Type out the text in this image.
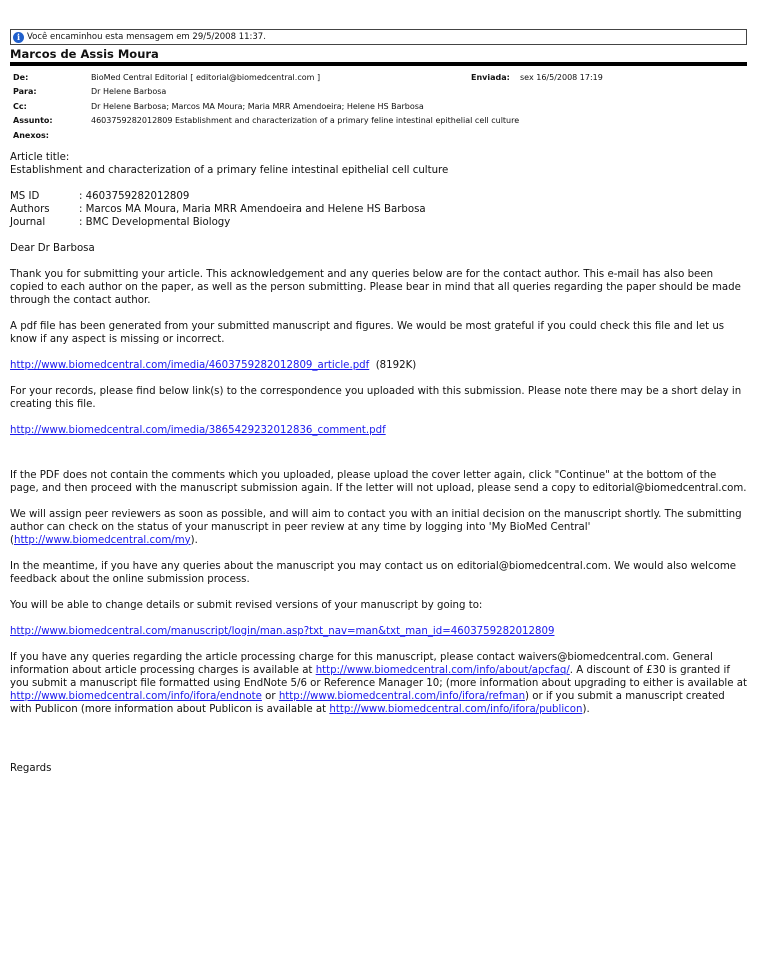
i Você encaminhou esta mensagem em 29/5/2008 11:37.
Marcos de Assis Moura
De:	BioMed Central Editorial [ editorial@biomedcentral.com ]	Enviada:	sex 16/5/2008 17:19
Para:	Dr Helene Barbosa
Cc:	Dr Helene Barbosa; Marcos MA Moura; Maria MRR Amendoeira; Helene HS Barbosa
Assunto:	4603759282012809 Establishment and characterization of a primary feline intestinal epithelial cell culture
Anexos:

Article title:

Establishment and characterization of a primary feline intestinal epithelial cell culture

MS ID	: 4603759282012809
Authors	: Marcos MA Moura, Maria MRR Amendoeira and Helene HS Barbosa
Journal	: BMC Developmental Biology

Dear Dr Barbosa

Thank you for submitting your article. This acknowledgement and any queries below are for the contact author. This e-mail has also been copied to each author on the paper, as well as the person submitting. Please bear in mind that all queries regarding the paper should be made through the contact author.

A pdf file has been generated from your submitted manuscript and figures. We would be most grateful if you could check this file and let us know if any aspect is missing or incorrect.

http://www.biomedcentral.com/imedia/4603759282012809_article.pdf (8192K)

For your records, please find below link(s) to the correspondence you uploaded with this submission. Please note there may be a short delay in creating this file.

http://www.biomedcentral.com/imedia/3865429232012836_comment.pdf

If the PDF does not contain the comments which you uploaded, please upload the cover letter again, click "Continue" at the bottom of the page, and then proceed with the manuscript submission again. If the letter will not upload, please send a copy to editorial@biomedcentral.com.

We will assign peer reviewers as soon as possible, and will aim to contact you with an initial decision on the manuscript shortly. The submitting author can check on the status of your manuscript in peer review at any time by logging into 'My BioMed Central' (http://www.biomedcentral.com/my).

In the meantime, if you have any queries about the manuscript you may contact us on editorial@biomedcentral.com. We would also welcome feedback about the online submission process.

You will be able to change details or submit revised versions of your manuscript by going to:

http://www.biomedcentral.com/manuscript/login/man.asp?txt_nav=man&txt_man_id=4603759282012809

If you have any queries regarding the article processing charge for this manuscript, please contact waivers@biomedcentral.com. General information about article processing charges is available at http://www.biomedcentral.com/info/about/apcfaq/. A discount of £30 is granted if you submit a manuscript file formatted using EndNote 5/6 or Reference Manager 10; (more information about upgrading to either is available at http://www.biomedcentral.com/info/ifora/endnote or http://www.biomedcentral.com/info/ifora/refman) or if you submit a manuscript created with Publicon (more information about Publicon is available at http://www.biomedcentral.com/info/ifora/publicon).

Regards
